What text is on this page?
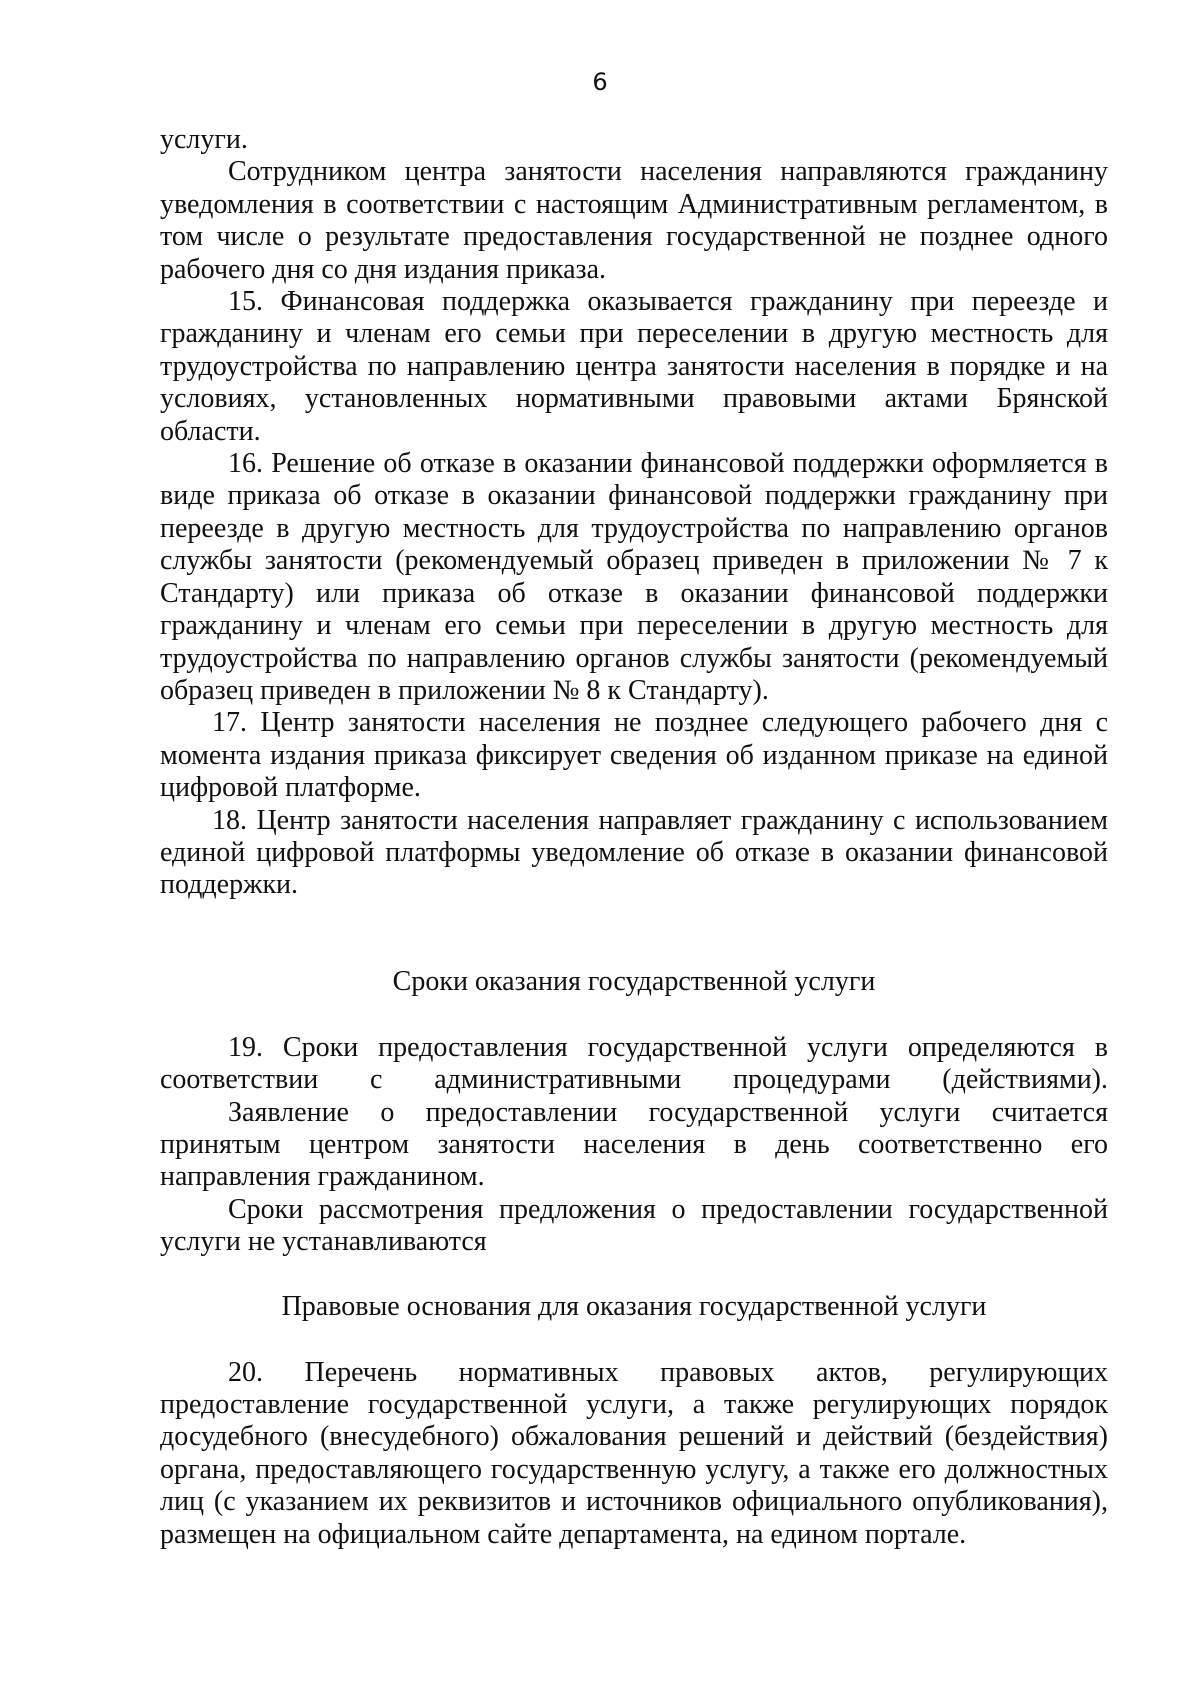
6

услуги.

Сотрудником центра занятости населения направляются гражданину уведомления в соответствии с настоящим Административным регламентом, в том числе о результате предоставления государственной не позднее одного рабочего дня со дня издания приказа.

15. Финансовая поддержка оказывается гражданину при переезде и гражданину и членам его семьи при переселении в другую местность для трудоустройства по направлению центра занятости населения в порядке и на условиях, установленных нормативными правовыми актами Брянской области.

16. Решение об отказе в оказании финансовой поддержки оформляется в виде приказа об отказе в оказании финансовой поддержки гражданину при переезде в другую местность для трудоустройства по направлению органов службы занятости (рекомендуемый образец приведен в приложении № 7 к Стандарту) или приказа об отказе в оказании финансовой поддержки гражданину и членам его семьи при переселении в другую местность для трудоустройства по направлению органов службы занятости (рекомендуемый образец приведен в приложении № 8 к Стандарту).

17. Центр занятости населения не позднее следующего рабочего дня с момента издания приказа фиксирует сведения об изданном приказе на единой цифровой платформе.

18. Центр занятости населения направляет гражданину с использованием единой цифровой платформы уведомление об отказе в оказании финансовой поддержки.

Сроки оказания государственной услуги

19. Сроки предоставления государственной услуги определяются в соответствии с административными процедурами (действиями).

Заявление о предоставлении государственной услуги считается принятым центром занятости населения в день соответственно его направления гражданином.

Сроки рассмотрения предложения о предоставлении государственной услуги не устанавливаются

Правовые основания для оказания государственной услуги

20. Перечень нормативных правовых актов, регулирующих предоставление государственной услуги, а также регулирующих порядок досудебного (внесудебного) обжалования решений и действий (бездействия) органа, предоставляющего государственную услугу, а также его должностных лиц (с указанием их реквизитов и источников официального опубликования), размещен на официальном сайте департамента, на едином портале.
